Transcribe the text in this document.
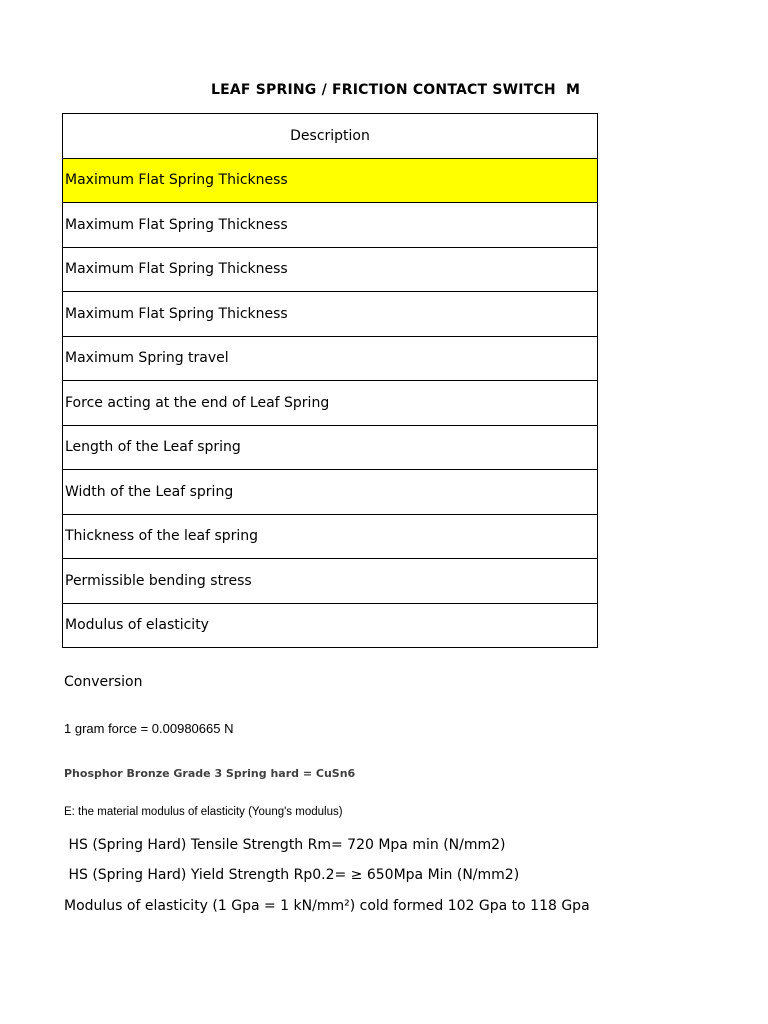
LEAF SPRING / FRICTION CONTACT SWITCH  M
Description
Maximum Flat Spring Thickness
Maximum Flat Spring Thickness
Maximum Flat Spring Thickness
Maximum Flat Spring Thickness
Maximum Spring travel
Force acting at the end of Leaf Spring
Length of the Leaf spring
Width of the Leaf spring
Thickness of the leaf spring
Permissible bending stress
Modulus of elasticity
Conversion
1 gram force = 0.00980665 N
Phosphor Bronze Grade 3 Spring hard = CuSn6
E: the material modulus of elasticity (Young's modulus)
HS (Spring Hard) Tensile Strength Rm= 720 Mpa min (N/mm2)
HS (Spring Hard) Yield Strength Rp0.2= ≥ 650Mpa Min (N/mm2)
Modulus of elasticity (1 Gpa = 1 kN/mm²) cold formed 102 Gpa to 118 Gpa
